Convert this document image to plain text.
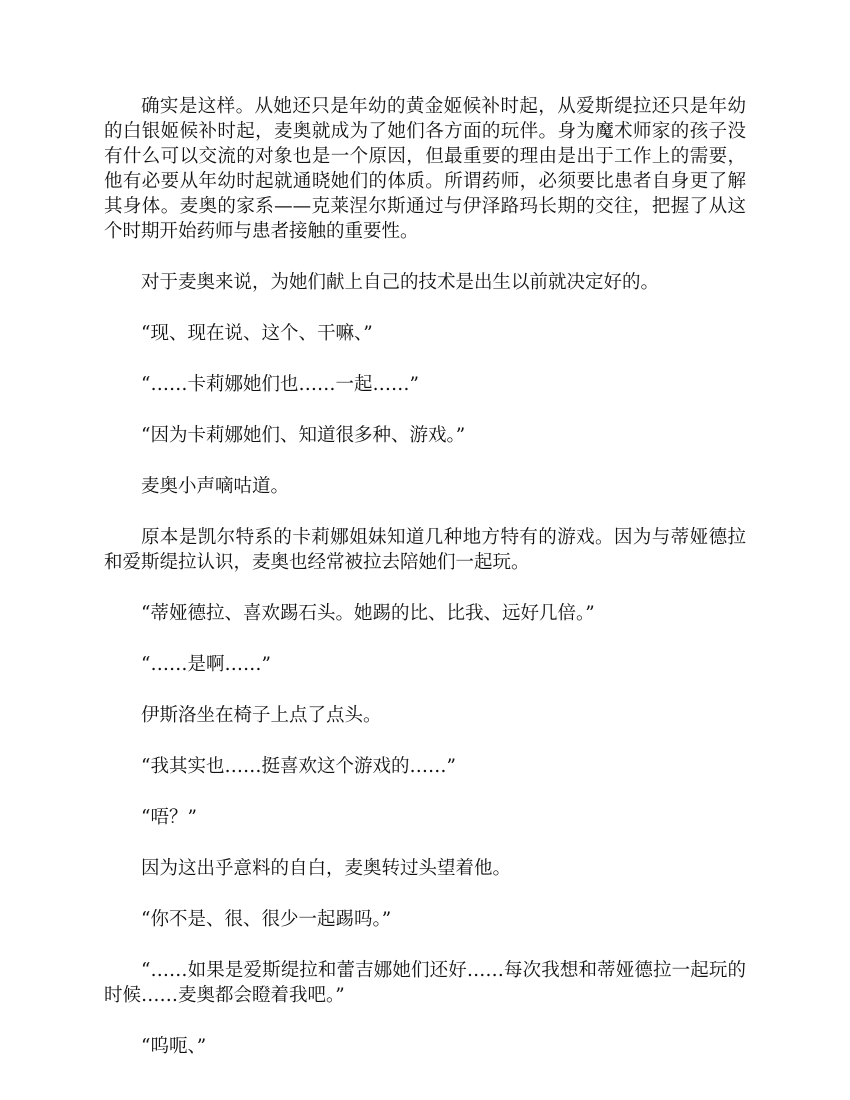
确实是这样。从她还只是年幼的黄金姬候补时起，从爱斯缇拉还只是年幼的白银姬候补时起，麦奥就成为了她们各方面的玩伴。身为魔术师家的孩子没有什么可以交流的对象也是一个原因，但最重要的理由是出于工作上的需要，他有必要从年幼时起就通晓她们的体质。所谓药师，必须要比患者自身更了解其身体。麦奥的家系——克莱涅尔斯通过与伊泽路玛长期的交往，把握了从这个时期开始药师与患者接触的重要性。

对于麦奥来说，为她们献上自己的技术是出生以前就决定好的。

“现、现在说、这个、干嘛、”

“……卡莉娜她们也……一起……”

“因为卡莉娜她们、知道很多种、游戏。”

麦奥小声嘀咕道。

原本是凯尔特系的卡莉娜姐妹知道几种地方特有的游戏。因为与蒂娅德拉和爱斯缇拉认识，麦奥也经常被拉去陪她们一起玩。

“蒂娅德拉、喜欢踢石头。她踢的比、比我、远好几倍。”

“……是啊……”

伊斯洛坐在椅子上点了点头。

“我其实也……挺喜欢这个游戏的……”

“唔？”

因为这出乎意料的自白，麦奥转过头望着他。

“你不是、很、很少一起踢吗。”

“……如果是爱斯缇拉和蕾吉娜她们还好……每次我想和蒂娅德拉一起玩的时候……麦奥都会瞪着我吧。”

“呜呃、”
